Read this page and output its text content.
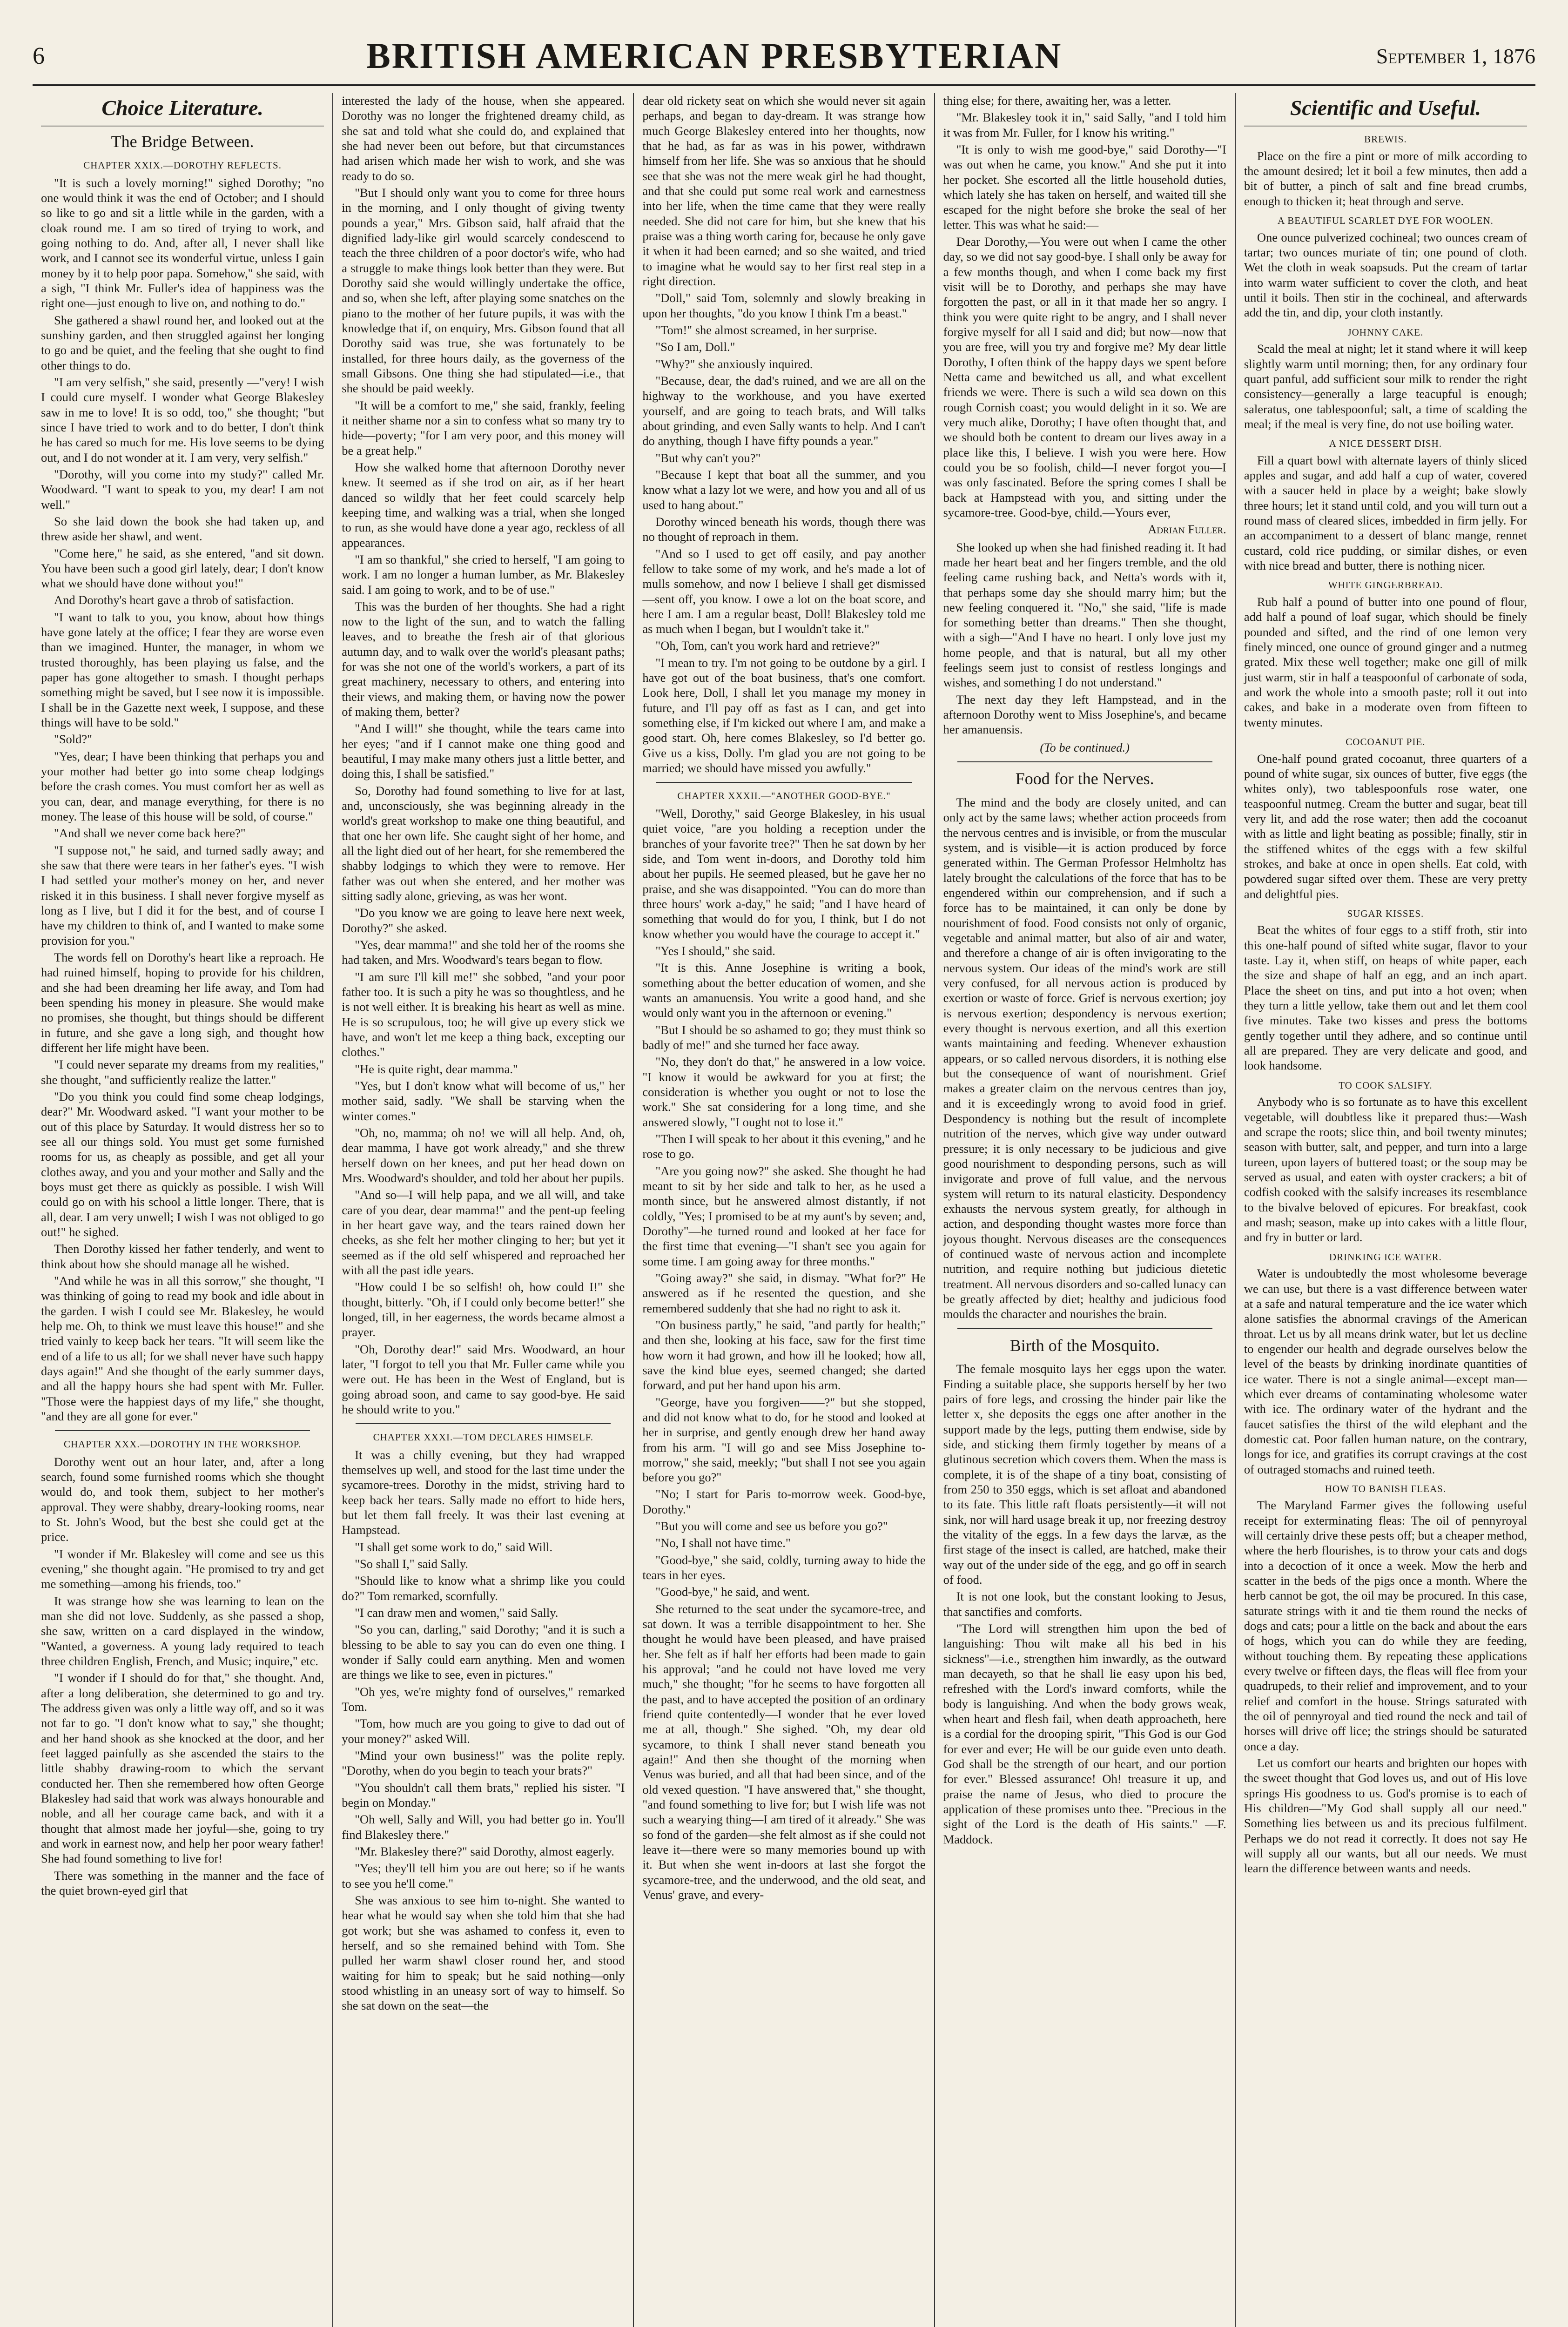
6	BRITISH AMERICAN PRESBYTERIAN	September 1, 1876
Choice Literature.
The Bridge Between.
CHAPTER XXIX.—DOROTHY REFLECTS.

"It is such a lovely morning!" sighed Dorothy; "no one would think it was the end of October; and I should so like to go and sit a little while in the garden, with a cloak round me. I am so tired of trying to work, and going nothing to do. And, after all, I never shall like work, and I cannot see its wonderful virtue, unless I gain money by it to help poor papa. Somehow," she said, with a sigh, "I think Mr. Fuller's idea of happiness was the right one—just enough to live on, and nothing to do."

She gathered a shawl round her, and looked out at the sunshiny garden, and then struggled against her longing to go and be quiet, and the feeling that she ought to find other things to do.

"I am very selfish," she said, presently —"very! I wish I could cure myself. I wonder what George Blakesley saw in me to love! It is so odd, too," she thought; "but since I have tried to work and to do better, I don't think he has cared so much for me. His love seems to be dying out, and I do not wonder at it. I am very, very selfish."

"Dorothy, will you come into my study?" called Mr. Woodward. "I want to speak to you, my dear! I am not well."

So she laid down the book she had taken up, and threw aside her shawl, and went.

"Come here," he said, as she entered, "and sit down. You have been such a good girl lately, dear; I don't know what we should have done without you!"

And Dorothy's heart gave a throb of satisfaction.

"I want to talk to you, you know, about how things have gone lately at the office; I fear they are worse even than we imagined. Hunter, the manager, in whom we trusted thoroughly, has been playing us false, and the paper has gone altogether to smash. I thought perhaps something might be saved, but I see now it is impossible. I shall be in the Gazette next week, I suppose, and these things will have to be sold."

"Sold?"

"Yes, dear; I have been thinking that perhaps you and your mother had better go into some cheap lodgings before the crash comes. You must comfort her as well as you can, dear, and manage everything, for there is no money. The lease of this house will be sold, of course."

"And shall we never come back here?"

"I suppose not," he said, and turned sadly away; and she saw that there were tears in her father's eyes. "I wish I had settled your mother's money on her, and never risked it in this business. I shall never forgive myself as long as I live, but I did it for the best, and of course I have my children to think of, and I wanted to make some provision for you."

The words fell on Dorothy's heart like a reproach. He had ruined himself, hoping to provide for his children, and she had been dreaming her life away, and Tom had been spending his money in pleasure. She would make no promises, she thought, but things should be different in future, and she gave a long sigh, and thought how different her life might have been.

"I could never separate my dreams from my realities," she thought, "and sufficiently realize the latter."

"Do you think you could find some cheap lodgings, dear?" Mr. Woodward asked. "I want your mother to be out of this place by Saturday. It would distress her so to see all our things sold. You must get some furnished rooms for us, as cheaply as possible, and get all your clothes away, and you and your mother and Sally and the boys must get there as quickly as possible. I wish Will could go on with his school a little longer. There, that is all, dear. I am very unwell; I wish I was not obliged to go out!" he sighed.

Then Dorothy kissed her father tenderly, and went to think about how she should manage all he wished.

"And while he was in all this sorrow," she thought, "I was thinking of going to read my book and idle about in the garden. I wish I could see Mr. Blakesley, he would help me. Oh, to think we must leave this house!" and she tried vainly to keep back her tears. "It will seem like the end of a life to us all; for we shall never have such happy days again!" And she thought of the early summer days, and all the happy hours she had spent with Mr. Fuller. "Those were the happiest days of my life," she thought, "and they are all gone for ever."

CHAPTER XXX.—DOROTHY IN THE WORKSHOP.

Dorothy went out an hour later, and, after a long search, found some furnished rooms which she thought would do, and took them, subject to her mother's approval. They were shabby, dreary-looking rooms, near to St. John's Wood, but the best she could get at the price.

"I wonder if Mr. Blakesley will come and see us this evening," she thought again. "He promised to try and get me something—among his friends, too."

It was strange how she was learning to lean on the man she did not love. Suddenly, as she passed a shop, she saw, written on a card displayed in the window, "Wanted, a governess. A young lady required to teach three children English, French, and Music; inquire," etc.

"I wonder if I should do for that," she thought. And, after a long deliberation, she determined to go and try. The address given was only a little way off, and so it was not far to go. "I don't know what to say," she thought; and her hand shook as she knocked at the door, and her feet lagged painfully as she ascended the stairs to the little shabby drawing-room to which the servant conducted her. Then she remembered how often George Blakesley had said that work was always honourable and noble, and all her courage came back, and with it a thought that almost made her joyful—she, going to try and work in earnest now, and help her poor weary father! She had found something to live for!

There was something in the manner and the face of the quiet brown-eyed girl that

interested the lady of the house, when she appeared. Dorothy was no longer the frightened dreamy child, as she sat and told what she could do, and explained that she had never been out before, but that circumstances had arisen which made her wish to work, and she was ready to do so.

"But I should only want you to come for three hours in the morning, and I only thought of giving twenty pounds a year," Mrs. Gibson said, half afraid that the dignified lady-like girl would scarcely condescend to teach the three children of a poor doctor's wife, who had a struggle to make things look better than they were. But Dorothy said she would willingly undertake the office, and so, when she left, after playing some snatches on the piano to the mother of her future pupils, it was with the knowledge that if, on enquiry, Mrs. Gibson found that all Dorothy said was true, she was fortunately to be installed, for three hours daily, as the governess of the small Gibsons. One thing she had stipulated—i.e., that she should be paid weekly.

"It will be a comfort to me," she said, frankly, feeling it neither shame nor a sin to confess what so many try to hide—poverty; "for I am very poor, and this money will be a great help."

How she walked home that afternoon Dorothy never knew. It seemed as if she trod on air, as if her heart danced so wildly that her feet could scarcely help keeping time, and walking was a trial, when she longed to run, as she would have done a year ago, reckless of all appearances.

"I am so thankful," she cried to herself, "I am going to work. I am no longer a human lumber, as Mr. Blakesley said. I am going to work, and to be of use."

This was the burden of her thoughts. She had a right now to the light of the sun, and to watch the falling leaves, and to breathe the fresh air of that glorious autumn day, and to walk over the world's pleasant paths; for was she not one of the world's workers, a part of its great machinery, necessary to others, and entering into their views, and making them, or having now the power of making them, better?

"And I will!" she thought, while the tears came into her eyes; "and if I cannot make one thing good and beautiful, I may make many others just a little better, and doing this, I shall be satisfied."

So, Dorothy had found something to live for at last, and, unconsciously, she was beginning already in the world's great workshop to make one thing beautiful, and that one her own life. She caught sight of her home, and all the light died out of her heart, for she remembered the shabby lodgings to which they were to remove. Her father was out when she entered, and her mother was sitting sadly alone, grieving, as was her wont.

"Do you know we are going to leave here next week, Dorothy?" she asked.

"Yes, dear mamma!" and she told her of the rooms she had taken, and Mrs. Woodward's tears began to flow.

"I am sure I'll kill me!" she sobbed, "and your poor father too. It is such a pity he was so thoughtless, and he is not well either. It is breaking his heart as well as mine. He is so scrupulous, too; he will give up every stick we have, and won't let me keep a thing back, excepting our clothes."

"He is quite right, dear mamma."

"Yes, but I don't know what will become of us," her mother said, sadly. "We shall be starving when the winter comes."

"Oh, no, mamma; oh no! we will all help. And, oh, dear mamma, I have got work already," and she threw herself down on her knees, and put her head down on Mrs. Woodward's shoulder, and told her about her pupils.

"And so—I will help papa, and we all will, and take care of you dear, dear mamma!" and the pent-up feeling in her heart gave way, and the tears rained down her cheeks, as she felt her mother clinging to her; but yet it seemed as if the old self whispered and reproached her with all the past idle years.

"How could I be so selfish! oh, how could I!" she thought, bitterly. "Oh, if I could only become better!" she longed, till, in her eagerness, the words became almost a prayer.

"Oh, Dorothy dear!" said Mrs. Woodward, an hour later, "I forgot to tell you that Mr. Fuller came while you were out. He has been in the West of England, but is going abroad soon, and came to say good-bye. He said he should write to you."

CHAPTER XXXI.—TOM DECLARES HIMSELF.

It was a chilly evening, but they had wrapped themselves up well, and stood for the last time under the sycamore-trees. Dorothy in the midst, striving hard to keep back her tears. Sally made no effort to hide hers, but let them fall freely. It was their last evening at Hampstead.

"I shall get some work to do," said Will.

"So shall I," said Sally.

"Should like to know what a shrimp like you could do?" Tom remarked, scornfully.

"I can draw men and women," said Sally.

"So you can, darling," said Dorothy; "and it is such a blessing to be able to say you can do even one thing. I wonder if Sally could earn anything. Men and women are things we like to see, even in pictures."

"Oh yes, we're mighty fond of ourselves," remarked Tom.

"Tom, how much are you going to give to dad out of your money?" asked Will.

"Mind your own business!" was the polite reply. "Dorothy, when do you begin to teach your brats?"

"You shouldn't call them brats," replied his sister. "I begin on Monday."

"Oh well, Sally and Will, you had better go in. You'll find Blakesley there."

"Mr. Blakesley there?" said Dorothy, almost eagerly.

"Yes; they'll tell him you are out here; so if he wants to see you he'll come."

She was anxious to see him to-night. She wanted to hear what he would say when she told him that she had got work; but she was ashamed to confess it, even to herself, and so she remained behind with Tom. She pulled her warm shawl closer round her, and stood waiting for him to speak; but he said nothing—only stood whistling in an uneasy sort of way to himself. So she sat down on the seat—the

dear old rickety seat on which she would never sit again perhaps, and began to day-dream. It was strange how much George Blakesley entered into her thoughts, now that he had, as far as was in his power, withdrawn himself from her life. She was so anxious that he should see that she was not the mere weak girl he had thought, and that she could put some real work and earnestness into her life, when the time came that they were really needed. She did not care for him, but she knew that his praise was a thing worth caring for, because he only gave it when it had been earned; and so she waited, and tried to imagine what he would say to her first real step in a right direction.

"Doll," said Tom, solemnly and slowly breaking in upon her thoughts, "do you know I think I'm a beast."

"Tom!" she almost screamed, in her surprise.

"So I am, Doll."

"Why?" she anxiously inquired.

"Because, dear, the dad's ruined, and we are all on the highway to the workhouse, and you have exerted yourself, and are going to teach brats, and Will talks about grinding, and even Sally wants to help. And I can't do anything, though I have fifty pounds a year."

"But why can't you?"

"Because I kept that boat all the summer, and you know what a lazy lot we were, and how you and all of us used to hang about."

Dorothy winced beneath his words, though there was no thought of reproach in them.

"And so I used to get off easily, and pay another fellow to take some of my work, and he's made a lot of mulls somehow, and now I believe I shall get dismissed—sent off, you know. I owe a lot on the boat score, and here I am. I am a regular beast, Doll! Blakesley told me as much when I began, but I wouldn't take it."

"Oh, Tom, can't you work hard and retrieve?"

"I mean to try. I'm not going to be outdone by a girl. I have got out of the boat business, that's one comfort. Look here, Doll, I shall let you manage my money in future, and I'll pay off as fast as I can, and get into something else, if I'm kicked out where I am, and make a good start. Oh, here comes Blakesley, so I'd better go. Give us a kiss, Dolly. I'm glad you are not going to be married; we should have missed you awfully."

CHAPTER XXXII.—"ANOTHER GOOD-BYE."

"Well, Dorothy," said George Blakesley, in his usual quiet voice, "are you holding a reception under the branches of your favorite tree?" Then he sat down by her side, and Tom went in-doors, and Dorothy told him about her pupils. He seemed pleased, but he gave her no praise, and she was disappointed. "You can do more than three hours' work a-day," he said; "and I have heard of something that would do for you, I think, but I do not know whether you would have the courage to accept it."

"Yes I should," she said.

"It is this. Anne Josephine is writing a book, something about the better education of women, and she wants an amanuensis. You write a good hand, and she would only want you in the afternoon or evening."

"But I should be so ashamed to go; they must think so badly of me!" and she turned her face away.

"No, they don't do that," he answered in a low voice. "I know it would be awkward for you at first; the consideration is whether you ought or not to lose the work." She sat considering for a long time, and she answered slowly, "I ought not to lose it."

"Then I will speak to her about it this evening," and he rose to go.

"Are you going now?" she asked. She thought he had meant to sit by her side and talk to her, as he used a month since, but he answered almost distantly, if not coldly, "Yes; I promised to be at my aunt's by seven; and, Dorothy"—he turned round and looked at her face for the first time that evening—"I shan't see you again for some time. I am going away for three months."

"Going away?" she said, in dismay. "What for?" He answered as if he resented the question, and she remembered suddenly that she had no right to ask it.

"On business partly," he said, "and partly for health;" and then she, looking at his face, saw for the first time how worn it had grown, and how ill he looked; how all, save the kind blue eyes, seemed changed; she darted forward, and put her hand upon his arm.

"George, have you forgiven——?" but she stopped, and did not know what to do, for he stood and looked at her in surprise, and gently enough drew her hand away from his arm. "I will go and see Miss Josephine to-morrow," she said, meekly; "but shall I not see you again before you go?"

"No; I start for Paris to-morrow week. Good-bye, Dorothy."

"But you will come and see us before you go?"

"No, I shall not have time."

"Good-bye," she said, coldly, turning away to hide the tears in her eyes.

"Good-bye," he said, and went.

She returned to the seat under the sycamore-tree, and sat down. It was a terrible disappointment to her. She thought he would have been pleased, and have praised her. She felt as if half her efforts had been made to gain his approval; "and he could not have loved me very much," she thought; "for he seems to have forgotten all the past, and to have accepted the position of an ordinary friend quite contentedly—I wonder that he ever loved me at all, though." She sighed. "Oh, my dear old sycamore, to think I shall never stand beneath you again!" And then she thought of the morning when Venus was buried, and all that had been since, and of the old vexed question. "I have answered that," she thought, "and found something to live for; but I wish life was not such a wearying thing—I am tired of it already." She was so fond of the garden—she felt almost as if she could not leave it—there were so many memories bound up with it. But when she went in-doors at last she forgot the sycamore-tree, and the underwood, and the old seat, and Venus' grave, and every-

thing else; for there, awaiting her, was a letter.

"Mr. Blakesley took it in," said Sally, "and I told him it was from Mr. Fuller, for I know his writing."

"It is only to wish me good-bye," said Dorothy—"I was out when he came, you know." And she put it into her pocket. She escorted all the little household duties, which lately she has taken on herself, and waited till she escaped for the night before she broke the seal of her letter. This was what he said:—

Dear Dorothy,—You were out when I came the other day, so we did not say good-bye. I shall only be away for a few months though, and when I come back my first visit will be to Dorothy, and perhaps she may have forgotten the past, or all in it that made her so angry. I think you were quite right to be angry, and I shall never forgive myself for all I said and did; but now—now that you are free, will you try and forgive me? My dear little Dorothy, I often think of the happy days we spent before Netta came and bewitched us all, and what excellent friends we were. There is such a wild sea down on this rough Cornish coast; you would delight in it so. We are very much alike, Dorothy; I have often thought that, and we should both be content to dream our lives away in a place like this, I believe. I wish you were here. How could you be so foolish, child—I never forgot you—I was only fascinated. Before the spring comes I shall be back at Hampstead with you, and sitting under the sycamore-tree. Good-bye, child.—Yours ever,

Adrian Fuller.

She looked up when she had finished reading it. It had made her heart beat and her fingers tremble, and the old feeling came rushing back, and Netta's words with it, that perhaps some day she should marry him; but the new feeling conquered it. "No," she said, "life is made for something better than dreams." Then she thought, with a sigh—"And I have no heart. I only love just my home people, and that is natural, but all my other feelings seem just to consist of restless longings and wishes, and something I do not understand."

The next day they left Hampstead, and in the afternoon Dorothy went to Miss Josephine's, and became her amanuensis.

(To be continued.)
Food for the Nerves.

The mind and the body are closely united, and can only act by the same laws; whether action proceeds from the nervous centres and is invisible, or from the muscular system, and is visible—it is action produced by force generated within. The German Professor Helmholtz has lately brought the calculations of the force that has to be engendered within our comprehension, and if such a force has to be maintained, it can only be done by nourishment of food. Food consists not only of organic, vegetable and animal matter, but also of air and water, and therefore a change of air is often invigorating to the nervous system. Our ideas of the mind's work are still very confused, for all nervous action is produced by exertion or waste of force. Grief is nervous exertion; joy is nervous exertion; despondency is nervous exertion; every thought is nervous exertion, and all this exertion wants maintaining and feeding. Whenever exhaustion appears, or so called nervous disorders, it is nothing else but the consequence of want of nourishment. Grief makes a greater claim on the nervous centres than joy, and it is exceedingly wrong to avoid food in grief. Despondency is nothing but the result of incomplete nutrition of the nerves, which give way under outward pressure; it is only necessary to be judicious and give good nourishment to desponding persons, such as will invigorate and prove of full value, and the nervous system will return to its natural elasticity. Despondency exhausts the nervous system greatly, for although in action, and desponding thought wastes more force than joyous thought. Nervous diseases are the consequences of continued waste of nervous action and incomplete nutrition, and require nothing but judicious dietetic treatment. All nervous disorders and so-called lunacy can be greatly affected by diet; healthy and judicious food moulds the character and nourishes the brain.

Birth of the Mosquito.

The female mosquito lays her eggs upon the water. Finding a suitable place, she supports herself by her two pairs of fore legs, and crossing the hinder pair like the letter x, she deposits the eggs one after another in the support made by the legs, putting them endwise, side by side, and sticking them firmly together by means of a glutinous secretion which covers them. When the mass is complete, it is of the shape of a tiny boat, consisting of from 250 to 350 eggs, which is set afloat and abandoned to its fate. This little raft floats persistently—it will not sink, nor will hard usage break it up, nor freezing destroy the vitality of the eggs. In a few days the larvæ, as the first stage of the insect is called, are hatched, make their way out of the under side of the egg, and go off in search of food.

It is not one look, but the constant looking to Jesus, that sanctifies and comforts.

"The Lord will strengthen him upon the bed of languishing: Thou wilt make all his bed in his sickness"—i.e., strengthen him inwardly, as the outward man decayeth, so that he shall lie easy upon his bed, refreshed with the Lord's inward comforts, while the body is languishing. And when the body grows weak, when heart and flesh fail, when death approacheth, here is a cordial for the drooping spirit, "This God is our God for ever and ever; He will be our guide even unto death. God shall be the strength of our heart, and our portion for ever." Blessed assurance! Oh! treasure it up, and praise the name of Jesus, who died to procure the application of these promises unto thee. "Precious in the sight of the Lord is the death of His saints." —F. Maddock.

Scientific and Useful.
BREWIS.

Place on the fire a pint or more of milk according to the amount desired; let it boil a few minutes, then add a bit of butter, a pinch of salt and fine bread crumbs, enough to thicken it; heat through and serve.

A BEAUTIFUL SCARLET DYE FOR WOOLEN.

One ounce pulverized cochineal; two ounces cream of tartar; two ounces muriate of tin; one pound of cloth. Wet the cloth in weak soapsuds. Put the cream of tartar into warm water sufficient to cover the cloth, and heat until it boils. Then stir in the cochineal, and afterwards add the tin, and dip, your cloth instantly.

JOHNNY CAKE.

Scald the meal at night; let it stand where it will keep slightly warm until morning; then, for any ordinary four quart panful, add sufficient sour milk to render the right consistency—generally a large teacupful is enough; saleratus, one tablespoonful; salt, a time of scalding the meal; if the meal is very fine, do not use boiling water.

A NICE DESSERT DISH.

Fill a quart bowl with alternate layers of thinly sliced apples and sugar, and add half a cup of water, covered with a saucer held in place by a weight; bake slowly three hours; let it stand until cold, and you will turn out a round mass of cleared slices, imbedded in firm jelly. For an accompaniment to a dessert of blanc mange, rennet custard, cold rice pudding, or similar dishes, or even with nice bread and butter, there is nothing nicer.

WHITE GINGERBREAD.

Rub half a pound of butter into one pound of flour, add half a pound of loaf sugar, which should be finely pounded and sifted, and the rind of one lemon very finely minced, one ounce of ground ginger and a nutmeg grated. Mix these well together; make one gill of milk just warm, stir in half a teaspoonful of carbonate of soda, and work the whole into a smooth paste; roll it out into cakes, and bake in a moderate oven from fifteen to twenty minutes.

COCOANUT PIE.

One-half pound grated cocoanut, three quarters of a pound of white sugar, six ounces of butter, five eggs (the whites only), two tablespoonfuls rose water, one teaspoonful nutmeg. Cream the butter and sugar, beat till very lit, and add the rose water; then add the cocoanut with as little and light beating as possible; finally, stir in the stiffened whites of the eggs with a few skilful strokes, and bake at once in open shells. Eat cold, with powdered sugar sifted over them. These are very pretty and delightful pies.

SUGAR KISSES.

Beat the whites of four eggs to a stiff froth, stir into this one-half pound of sifted white sugar, flavor to your taste. Lay it, when stiff, on heaps of white paper, each the size and shape of half an egg, and an inch apart. Place the sheet on tins, and put into a hot oven; when they turn a little yellow, take them out and let them cool five minutes. Take two kisses and press the bottoms gently together until they adhere, and so continue until all are prepared. They are very delicate and good, and look handsome.

TO COOK SALSIFY.

Anybody who is so fortunate as to have this excellent vegetable, will doubtless like it prepared thus:—Wash and scrape the roots; slice thin, and boil twenty minutes; season with butter, salt, and pepper, and turn into a large tureen, upon layers of buttered toast; or the soup may be served as usual, and eaten with oyster crackers; a bit of codfish cooked with the salsify increases its resemblance to the bivalve beloved of epicures. For breakfast, cook and mash; season, make up into cakes with a little flour, and fry in butter or lard.

DRINKING ICE WATER.

Water is undoubtedly the most wholesome beverage we can use, but there is a vast difference between water at a safe and natural temperature and the ice water which alone satisfies the abnormal cravings of the American throat. Let us by all means drink water, but let us decline to engender our health and degrade ourselves below the level of the beasts by drinking inordinate quantities of ice water. There is not a single animal—except man—which ever dreams of contaminating wholesome water with ice. The ordinary water of the hydrant and the faucet satisfies the thirst of the wild elephant and the domestic cat. Poor fallen human nature, on the contrary, longs for ice, and gratifies its corrupt cravings at the cost of outraged stomachs and ruined teeth.

HOW TO BANISH FLEAS.

The Maryland Farmer gives the following useful receipt for exterminating fleas: The oil of pennyroyal will certainly drive these pests off; but a cheaper method, where the herb flourishes, is to throw your cats and dogs into a decoction of it once a week. Mow the herb and scatter in the beds of the pigs once a month. Where the herb cannot be got, the oil may be procured. In this case, saturate strings with it and tie them round the necks of dogs and cats; pour a little on the back and about the ears of hogs, which you can do while they are feeding, without touching them. By repeating these applications every twelve or fifteen days, the fleas will flee from your quadrupeds, to their relief and improvement, and to your relief and comfort in the house. Strings saturated with the oil of pennyroyal and tied round the neck and tail of horses will drive off lice; the strings should be saturated once a day.

Let us comfort our hearts and brighten our hopes with the sweet thought that God loves us, and out of His love springs His goodness to us. God's promise is to each of His children—"My God shall supply all our need." Something lies between us and its precious fulfilment. Perhaps we do not read it correctly. It does not say He will supply all our wants, but all our needs. We must learn the difference between wants and needs.
